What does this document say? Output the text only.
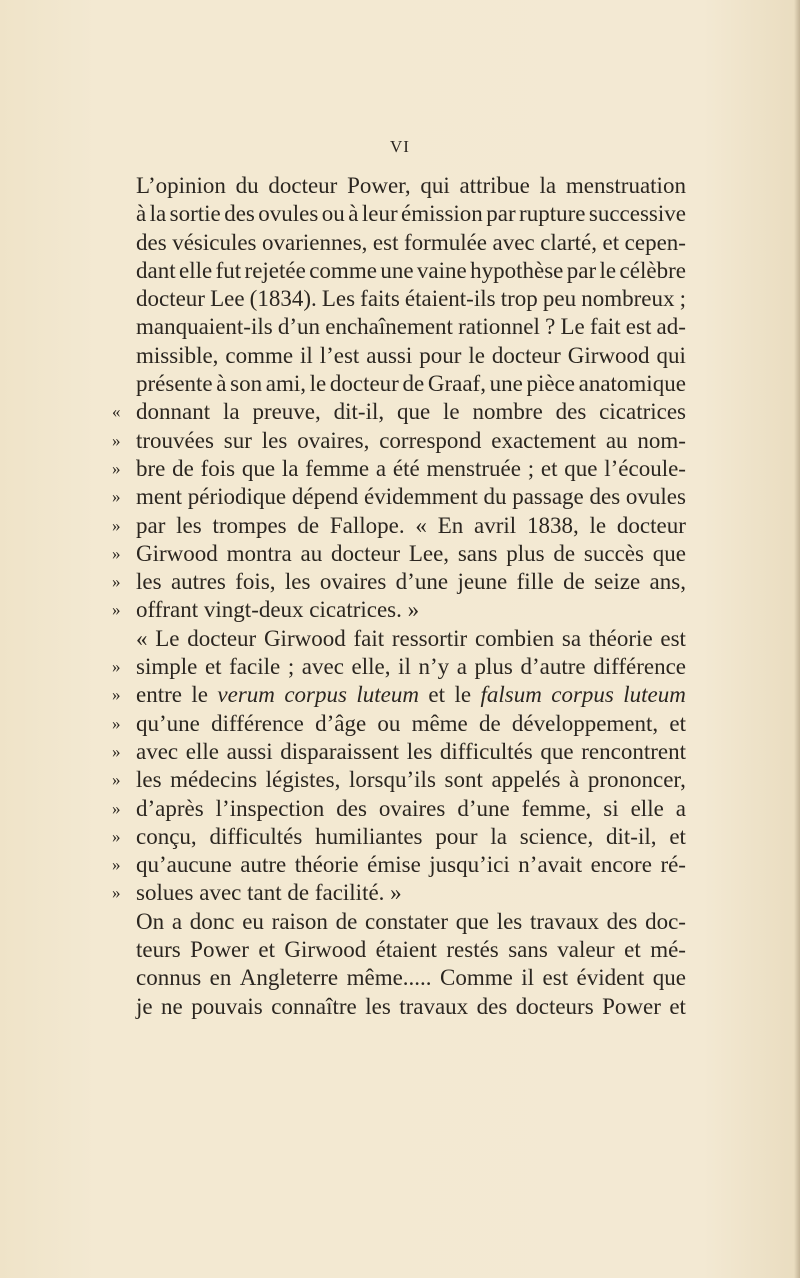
VI
L’opinion du docteur Power, qui attribue la menstruation
à la sortie des ovules ou à leur émission par rupture successive
des vésicules ovariennes, est formulée avec clarté, et cepen-
dant elle fut rejetée comme une vaine hypothèse par le célèbre
docteur Lee (1834). Les faits étaient-ils trop peu nombreux ;
manquaient-ils d’un enchaînement rationnel ? Le fait est ad-
missible, comme il l’est aussi pour le docteur Girwood qui
présente à son ami, le docteur de Graaf, une pièce anatomique
« donnant la preuve, dit-il, que le nombre des cicatrices
» trouvées sur les ovaires, correspond exactement au nom-
» bre de fois que la femme a été menstruée ; et que l’écoule-
» ment périodique dépend évidemment du passage des ovules
» par les trompes de Fallope. « En avril 1838, le docteur
» Girwood montra au docteur Lee, sans plus de succès que
» les autres fois, les ovaires d’une jeune fille de seize ans,
» offrant vingt-deux cicatrices. »
« Le docteur Girwood fait ressortir combien sa théorie est
» simple et facile ; avec elle, il n’y a plus d’autre différence
» entre le verum corpus luteum et le falsum corpus luteum
» qu’une différence d’âge ou même de développement, et
» avec elle aussi disparaissent les difficultés que rencontrent
» les médecins légistes, lorsqu’ils sont appelés à prononcer,
» d’après l’inspection des ovaires d’une femme, si elle a
» conçu, difficultés humiliantes pour la science, dit-il, et
» qu’aucune autre théorie émise jusqu’ici n’avait encore ré-
» solues avec tant de facilité. »
On a donc eu raison de constater que les travaux des doc-
teurs Power et Girwood étaient restés sans valeur et mé-
connus en Angleterre même..... Comme il est évident que
je ne pouvais connaître les travaux des docteurs Power et
